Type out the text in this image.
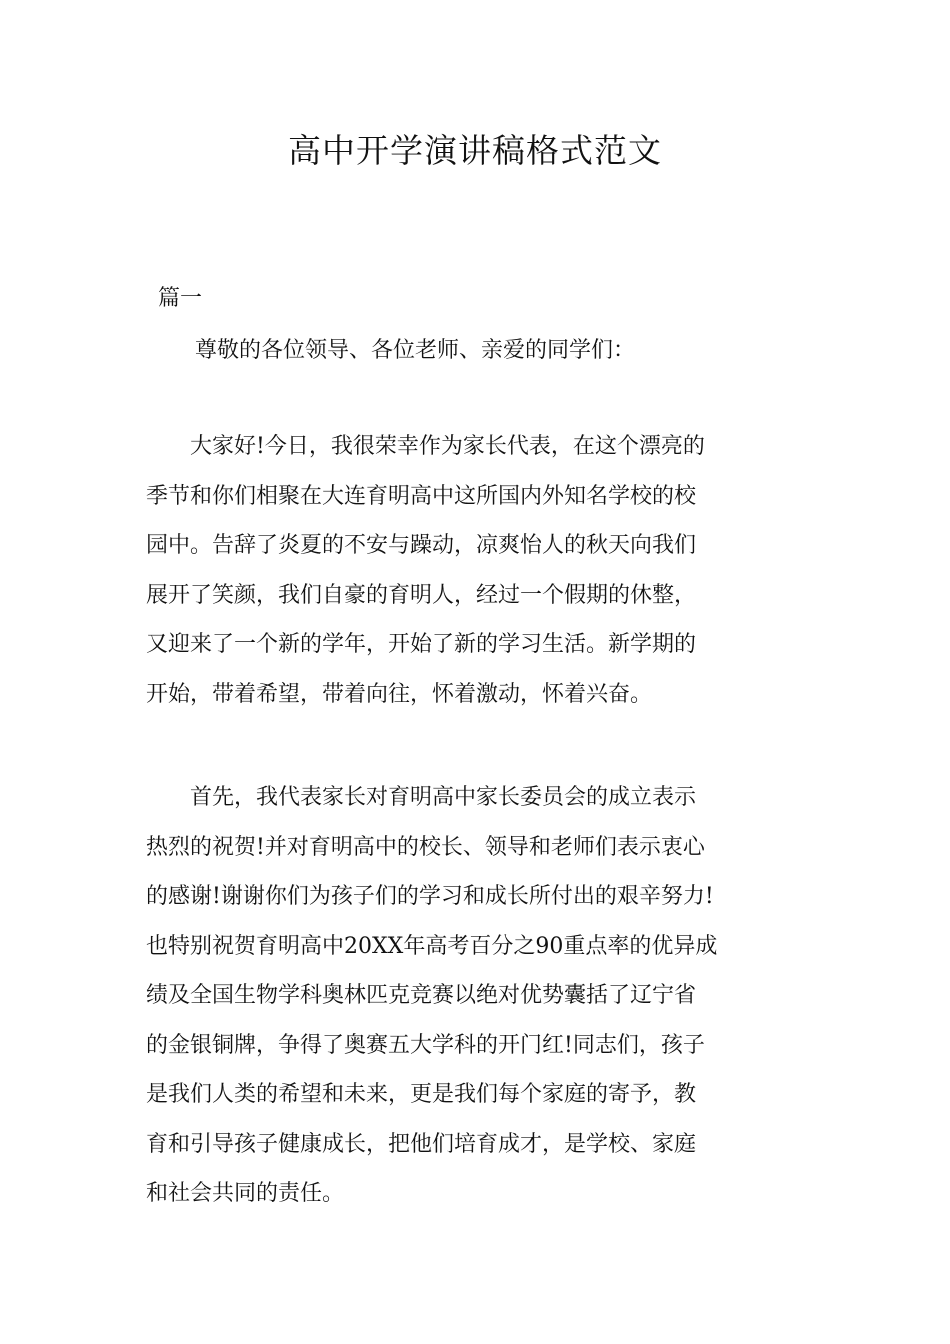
高中开学演讲稿格式范文
篇一
尊敬的各位领导、各位老师、亲爱的同学们：
　　大家好!今日，我很荣幸作为家长代表，在这个漂亮的
季节和你们相聚在大连育明高中这所国内外知名学校的校
园中。告辞了炎夏的不安与躁动，凉爽怡人的秋天向我们
展开了笑颜，我们自豪的育明人，经过一个假期的休整，
又迎来了一个新的学年，开始了新的学习生活。新学期的
开始，带着希望，带着向往，怀着激动，怀着兴奋。
　　首先，我代表家长对育明高中家长委员会的成立表示
热烈的祝贺!并对育明高中的校长、领导和老师们表示衷心
的感谢!谢谢你们为孩子们的学习和成长所付出的艰辛努力!
也特别祝贺育明高中20XX年高考百分之90重点率的优异成
绩及全国生物学科奥林匹克竞赛以绝对优势囊括了辽宁省
的金银铜牌，争得了奥赛五大学科的开门红!同志们，孩子
是我们人类的希望和未来，更是我们每个家庭的寄予，教
育和引导孩子健康成长，把他们培育成才，是学校、家庭
和社会共同的责任。
